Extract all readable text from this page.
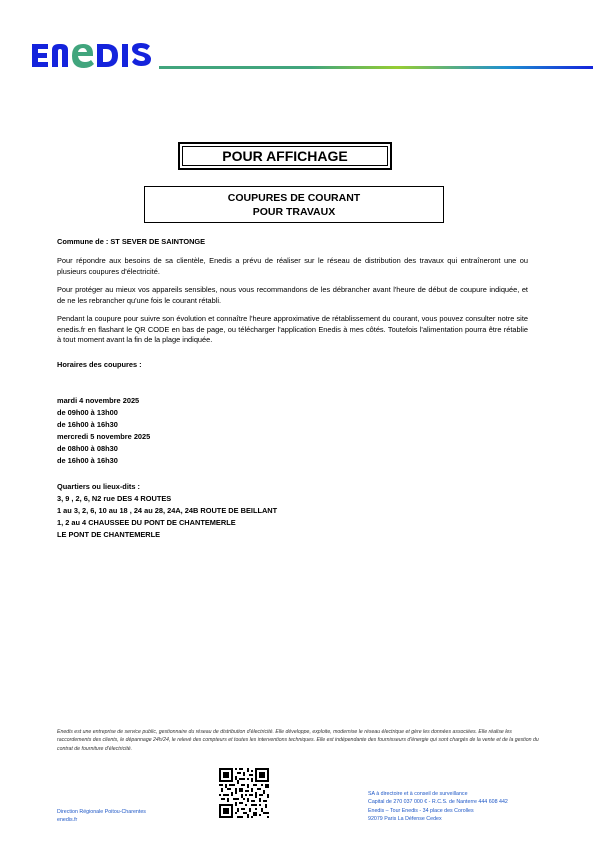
POUR AFFICHAGE
COUPURES DE COURANT
POUR TRAVAUX
Commune de : ST SEVER DE SAINTONGE
Pour répondre aux besoins de sa clientèle, Enedis a prévu de réaliser sur le réseau de distribution des travaux qui entraîneront une ou plusieurs coupures d'électricité.
Pour protéger au mieux vos appareils sensibles, nous vous recommandons de les débrancher avant l'heure de début de coupure indiquée, et de ne les rebrancher qu'une fois le courant rétabli.
Pendant la coupure pour suivre son évolution et connaître l'heure approximative de rétablissement du courant, vous pouvez consulter notre site enedis.fr en flashant le QR CODE en bas de page, ou télécharger l'application Enedis à mes côtés. Toutefois l'alimentation pourra être rétablie à tout moment avant la fin de la plage indiquée.
Horaires des coupures :
mardi 4 novembre 2025
de 09h00 à 13h00
de 16h00 à 16h30
mercredi 5 novembre 2025
de 08h00 à 08h30
de 16h00 à 16h30
Quartiers ou lieux-dits :
3, 9 , 2, 6, N2 rue DES 4 ROUTES
1 au 3, 2, 6, 10 au 18 , 24 au 28, 24A, 24B ROUTE DE BEILLANT
1, 2 au 4 CHAUSSEE DU PONT DE CHANTEMERLE
LE PONT DE CHANTEMERLE
Enedis est une entreprise de service public, gestionnaire du réseau de distribution d'électricité. Elle développe, exploite, modernise le réseau électrique et gère les données associées. Elle réalise les raccordements des clients, le dépannage 24h/24, le relevé des compteurs et toutes les interventions techniques. Elle est indépendante des fournisseurs d'énergie qui sont chargés de la vente et de la gestion du contrat de fourniture d'électricité.
Direction Régionale Poitou-Charentes
enedis.fr
SA à directoire et à conseil de surveillance
Capital de 270 037 000 € - R.C.S. de Nanterre 444 608 442
Enedis – Tour Enedis - 34 place des Corolles
92079 Paris La Défense Cedex
